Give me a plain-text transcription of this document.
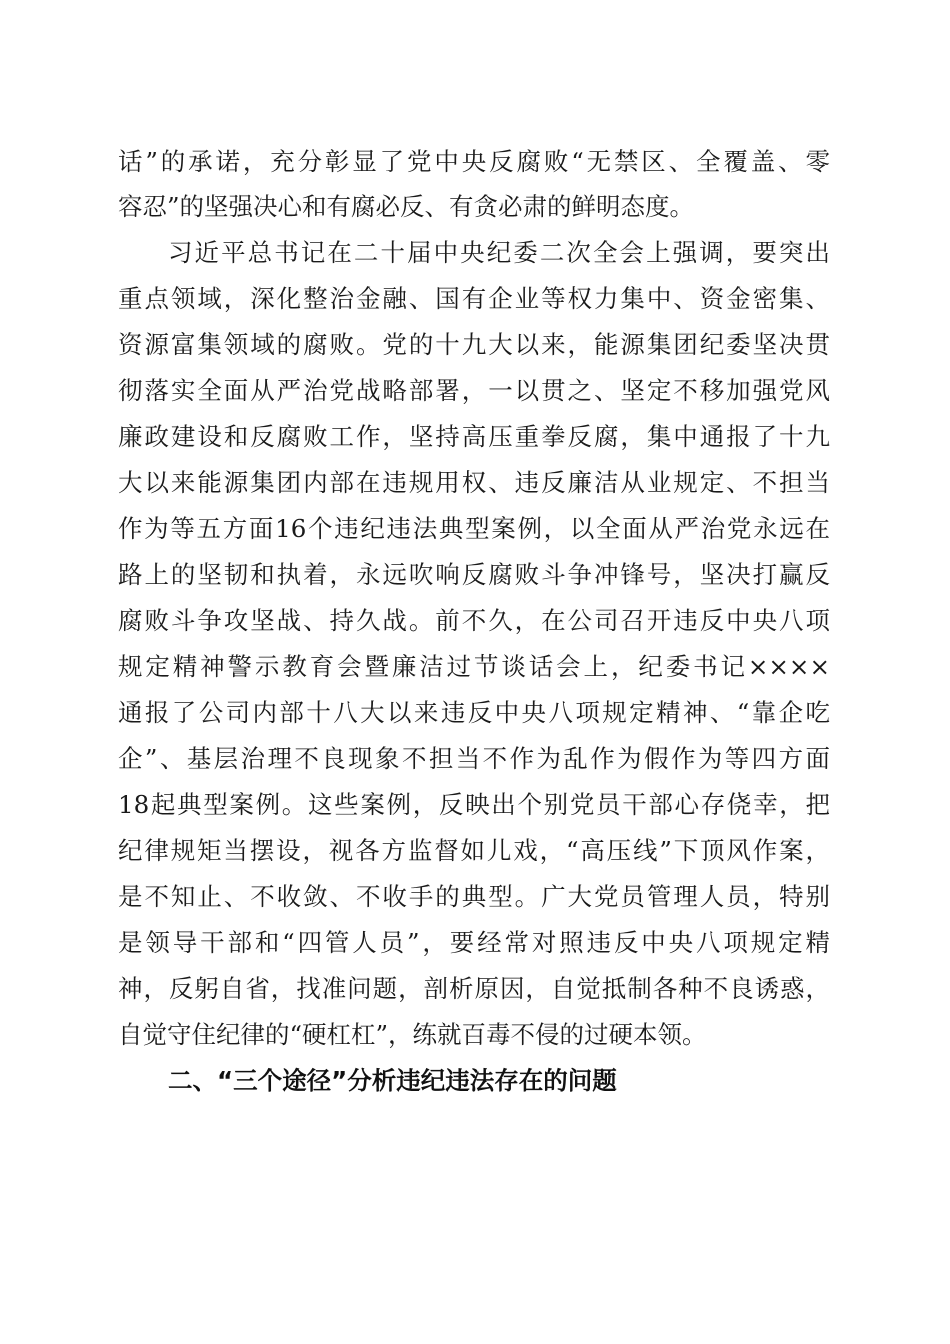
话”的承诺，充分彰显了党中央反腐败“无禁区、全覆盖、零
容忍”的坚强决心和有腐必反、有贪必肃的鲜明态度。
习近平总书记在二十届中央纪委二次全会上强调，要突出
重点领域，深化整治金融、国有企业等权力集中、资金密集、
资源富集领域的腐败。党的十九大以来，能源集团纪委坚决贯
彻落实全面从严治党战略部署，一以贯之、坚定不移加强党风
廉政建设和反腐败工作，坚持高压重拳反腐，集中通报了十九
大以来能源集团内部在违规用权、违反廉洁从业规定、不担当
作为等五方面16个违纪违法典型案例，以全面从严治党永远在
路上的坚韧和执着，永远吹响反腐败斗争冲锋号，坚决打赢反
腐败斗争攻坚战、持久战。前不久，在公司召开违反中央八项
规定精神警示教育会暨廉洁过节谈话会上，纪委书记××××
通报了公司内部十八大以来违反中央八项规定精神、“靠企吃
企”、基层治理不良现象不担当不作为乱作为假作为等四方面
18起典型案例。这些案例，反映出个别党员干部心存侥幸，把
纪律规矩当摆设，视各方监督如儿戏，“高压线”下顶风作案，
是不知止、不收敛、不收手的典型。广大党员管理人员，特别
是领导干部和“四管人员”，要经常对照违反中央八项规定精
神，反躬自省，找准问题，剖析原因，自觉抵制各种不良诱惑，
自觉守住纪律的“硬杠杠”，练就百毒不侵的过硬本领。
二、“三个途径”分析违纪违法存在的问题
